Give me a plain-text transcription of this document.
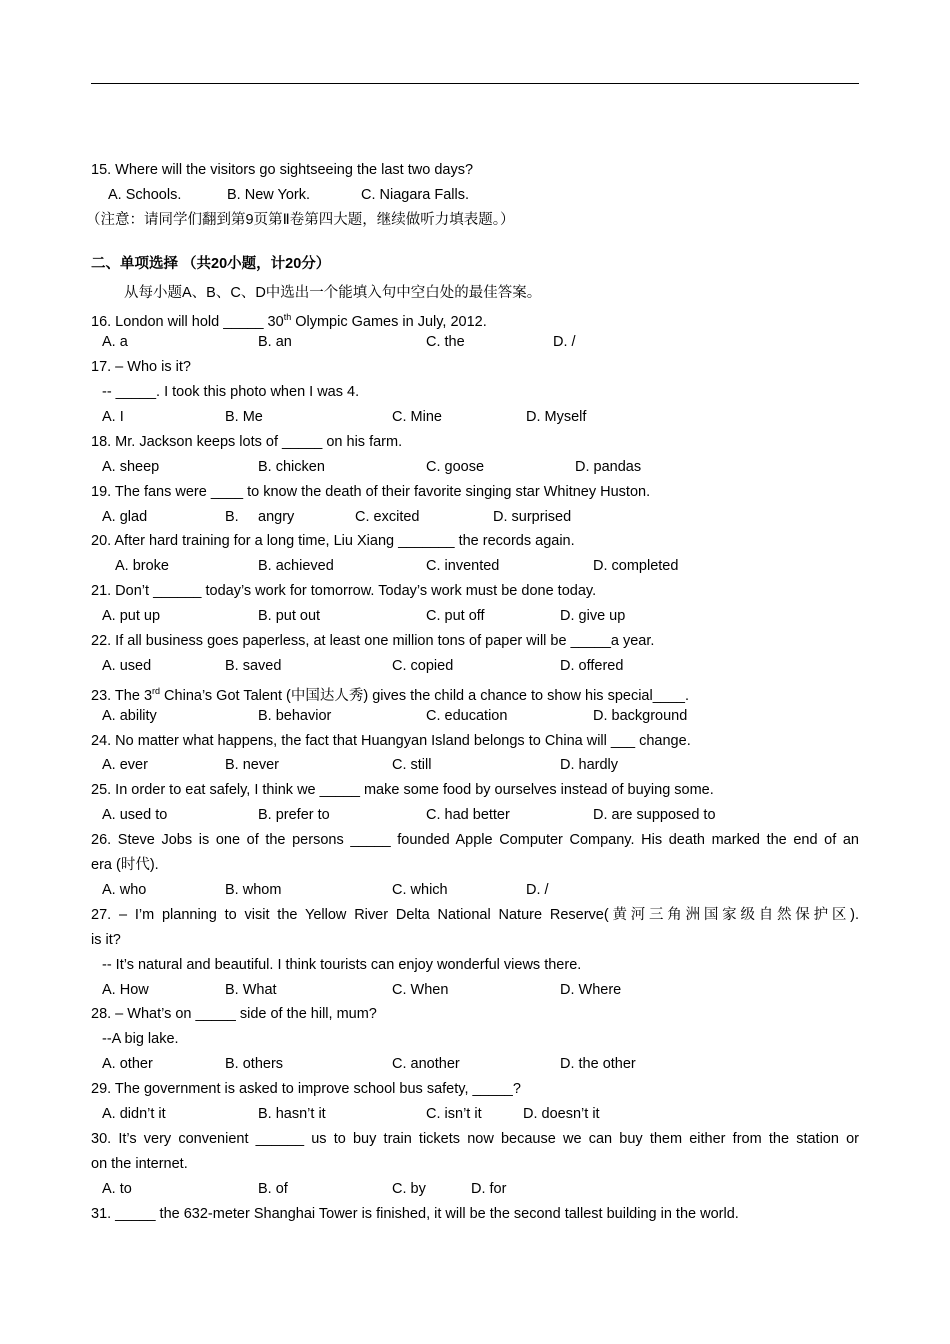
15. Where will the visitors go sightseeing the last two days?
A. Schools.	B. New York.	C. Niagara Falls.
（注意：请同学们翻到第9页第Ⅱ卷第四大题，继续做听力填表题。）
二、单项选择 （共20小题，计20分）
从每小题A、B、C、D中选出一个能填入句中空白处的最佳答案。
16. London will hold _____ 30th Olympic Games in July, 2012.
A. a	B. an	C. the	D. /
17. – Who is it?
-- _____. I took this photo when I was 4.
A. I	B. Me	C. Mine	D. Myself
18. Mr. Jackson keeps lots of _____ on his farm.
A. sheep	B. chicken	C. goose	D. pandas
19. The fans were ____ to know the death of their favorite singing star Whitney Huston.
A. glad	B. angry	C. excited	D. surprised
20. After hard training for a long time, Liu Xiang _______ the records again.
A. broke	B. achieved	C. invented	D. completed
21. Don’t ______ today’s work for tomorrow. Today’s work must be done today.
A. put up	B. put out	C. put off	D. give up
22. If all business goes paperless, at least one million tons of paper will be _____a year.
A. used	B. saved	C. copied	D. offered
23. The 3rd China’s Got Talent (中国达人秀) gives the child a chance to show his special____.
A. ability	B. behavior	C. education	D. background
24. No matter what happens, the fact that Huangyan Island belongs to China will ___ change.
A. ever	B. never	C. still	D. hardly
25. In order to eat safely, I think we _____ make some food by ourselves instead of buying some.
A. used to	B. prefer to	C. had better	D. are supposed to
26. Steve Jobs is one of the persons _____ founded Apple Computer Company. His death marked the end of an
era (时代).
A. who	B. whom	C. which	D. /
27. – I’m planning to visit the Yellow River Delta National Nature Reserve(黄河三角洲国家级自然保护区).
is it?
-- It’s natural and beautiful. I think tourists can enjoy wonderful views there.
A. How	B. What	C. When	D. Where
28. – What’s on _____ side of the hill, mum?
--A big lake.
A. other	B. others	C. another	D. the other
29. The government is asked to improve school bus safety, _____?
A. didn’t it	B. hasn’t it	C. isn’t it	D. doesn’t it
30. It’s very convenient ______ us to buy train tickets now because we can buy them either from the station or
on the internet.
A. to	B. of	C. by	D. for
31. _____ the 632-meter Shanghai Tower is finished, it will be the second tallest building in the world.
